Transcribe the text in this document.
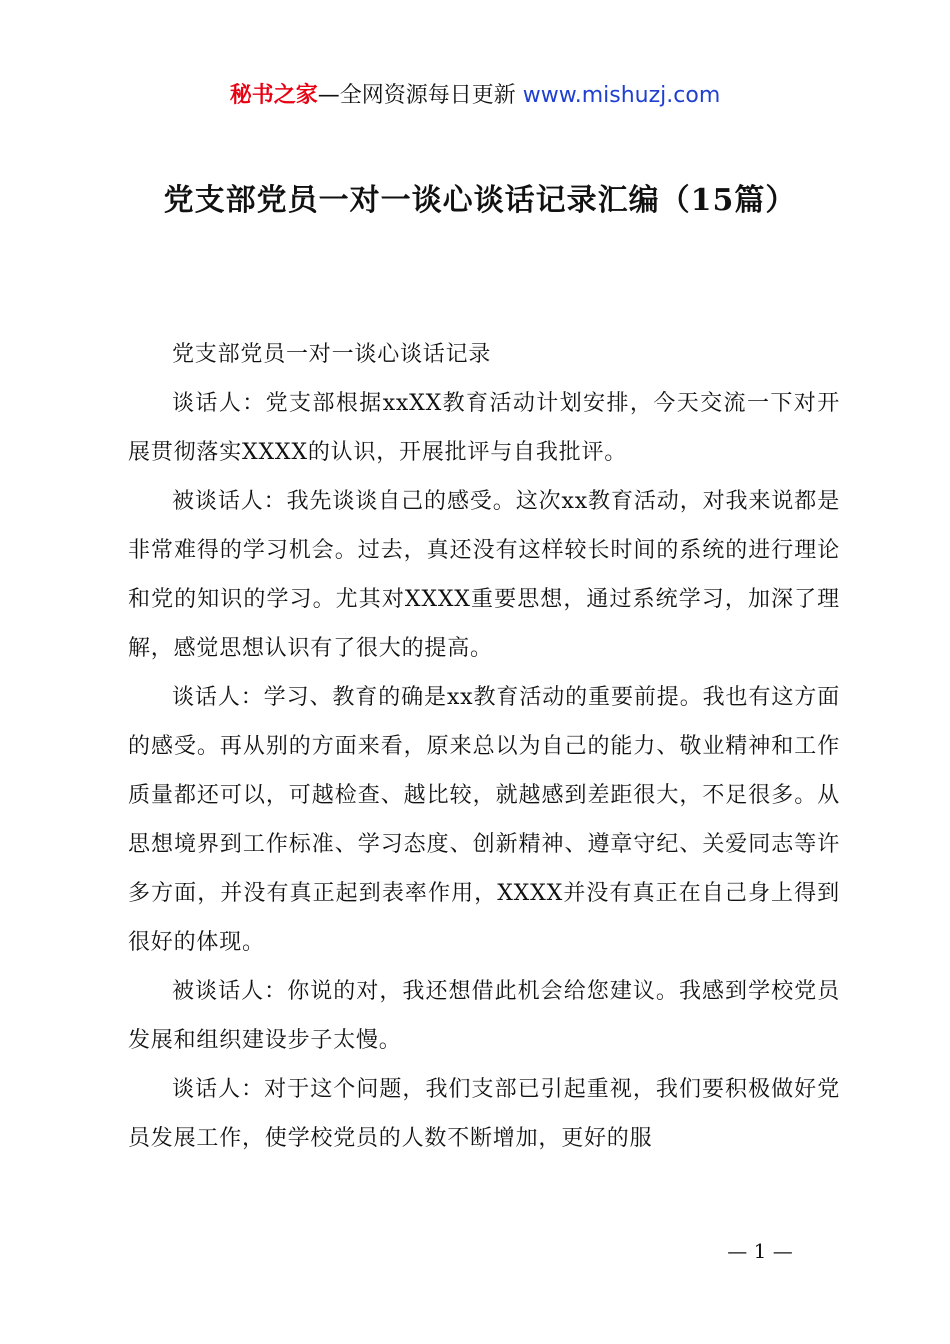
秘书之家—全网资源每日更新 www.mishuzj.com
党支部党员一对一谈心谈话记录汇编（15篇）

党支部党员一对一谈心谈话记录

谈话人：党支部根据xxXX教育活动计划安排，今天交流一下对开展贯彻落实XXXX的认识，开展批评与自我批评。

被谈话人：我先谈谈自己的感受。这次xx教育活动，对我来说都是非常难得的学习机会。过去，真还没有这样较长时间的系统的进行理论和党的知识的学习。尤其对XXXX重要思想，通过系统学习，加深了理解，感觉思想认识有了很大的提高。

谈话人：学习、教育的确是xx教育活动的重要前提。我也有这方面的感受。再从别的方面来看，原来总以为自己的能力、敬业精神和工作质量都还可以，可越检查、越比较，就越感到差距很大，不足很多。从思想境界到工作标准、学习态度、创新精神、遵章守纪、关爱同志等许多方面，并没有真正起到表率作用，XXXX并没有真正在自己身上得到很好的体现。

被谈话人：你说的对，我还想借此机会给您建议。我感到学校党员发展和组织建设步子太慢。

谈话人：对于这个问题，我们支部已引起重视，我们要积极做好党员发展工作，使学校党员的人数不断增加，更好的服

— 1 —
